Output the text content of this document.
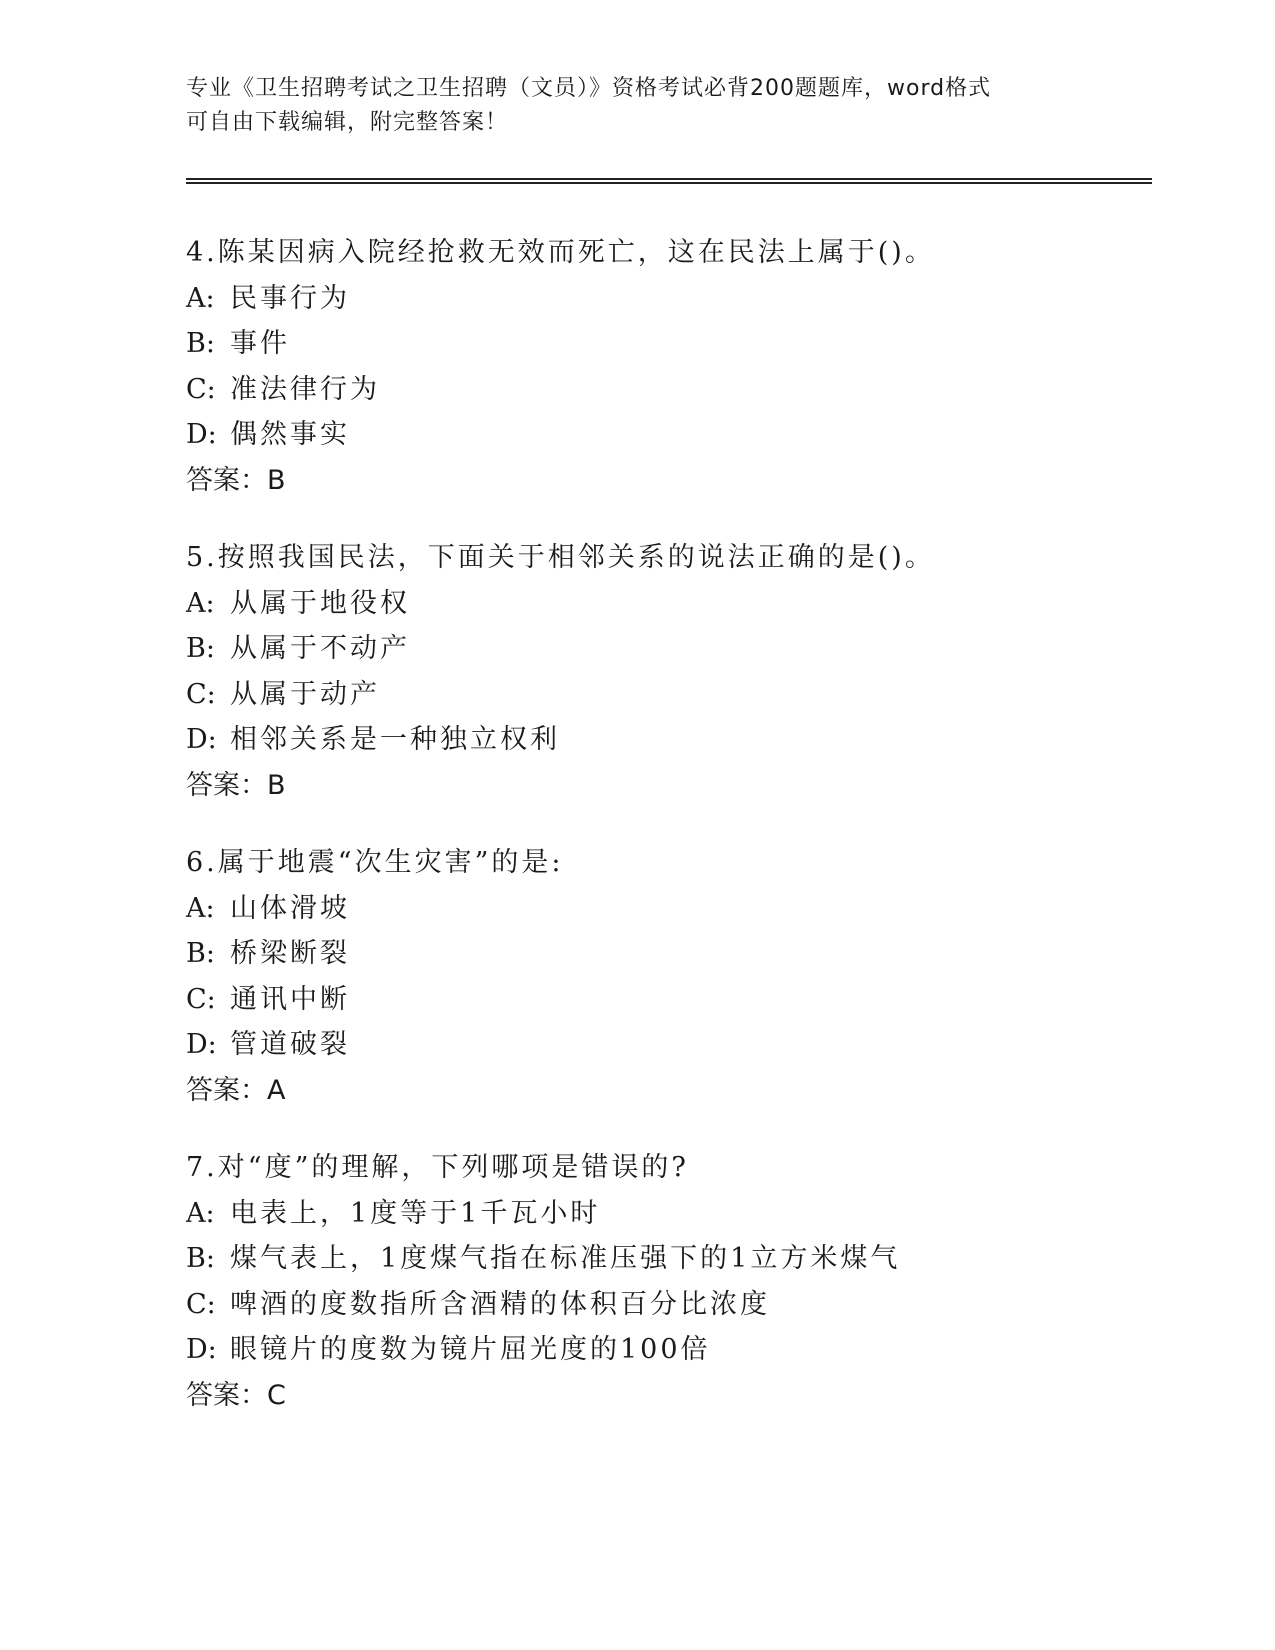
专业《卫生招聘考试之卫生招聘（文员）》资格考试必背200题题库，word格式
可自由下载编辑，附完整答案！
4.陈某因病入院经抢救无效而死亡，这在民法上属于()。
A: 民事行为
B: 事件
C: 准法律行为
D: 偶然事实
答案：B
5.按照我国民法，下面关于相邻关系的说法正确的是()。
A: 从属于地役权
B: 从属于不动产
C: 从属于动产
D: 相邻关系是一种独立权利
答案：B
6.属于地震“次生灾害”的是:
A: 山体滑坡
B: 桥梁断裂
C: 通讯中断
D: 管道破裂
答案：A
7.对“度”的理解，下列哪项是错误的?
A: 电表上，1度等于1千瓦小时
B: 煤气表上，1度煤气指在标准压强下的1立方米煤气
C: 啤酒的度数指所含酒精的体积百分比浓度
D: 眼镜片的度数为镜片屈光度的100倍
答案：C
